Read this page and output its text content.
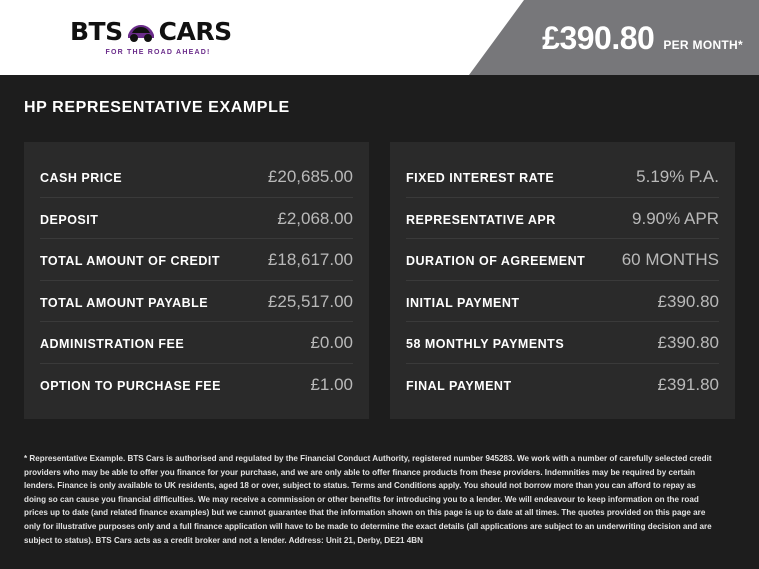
BTS CARS
FOR THE ROAD AHEAD!	£390.80 PER MONTH*
HP REPRESENTATIVE EXAMPLE
CASH PRICE	£20,685.00
DEPOSIT	£2,068.00
TOTAL AMOUNT OF CREDIT	£18,617.00
TOTAL AMOUNT PAYABLE	£25,517.00
ADMINISTRATION FEE	£0.00
OPTION TO PURCHASE FEE	£1.00
FIXED INTEREST RATE	5.19% P.A.
REPRESENTATIVE APR	9.90% APR
DURATION OF AGREEMENT 60 MONTHS
INITIAL PAYMENT	£390.80
58 MONTHLY PAYMENTS	£390.80
FINAL PAYMENT	£391.80
* Representative Example. BTS Cars is authorised and regulated by the Financial Conduct Authority, registered number 945283. We work with a number of carefully selected credit providers who may be able to offer you finance for your purchase, and we are only able to offer finance products from these providers. Indemnities may be required by certain lenders. Finance is only available to UK residents, aged 18 or over, subject to status. Terms and Conditions apply. You should not borrow more than you can afford to repay as doing so can cause you financial difficulties. We may receive a commission or other benefits for introducing you to a lender. We will endeavour to keep information on the road prices up to date (and related finance examples) but we cannot guarantee that the information shown on this page is up to date at all times. The quotes provided on this page are only for illustrative purposes only and a full finance application will have to be made to determine the exact details (all applications are subject to an underwriting decision and are subject to status). BTS Cars acts as a credit broker and not a lender. Address: Unit 21, Derby, DE21 4BN
